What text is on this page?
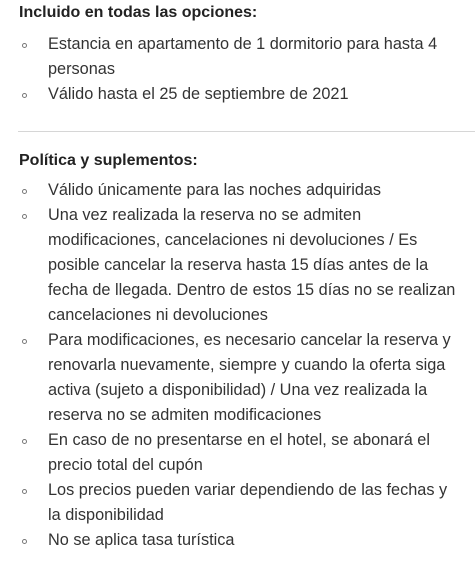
Incluido en todas las opciones:
Estancia en apartamento de 1 dormitorio para hasta 4 personas
Válido hasta el 25 de septiembre de 2021
Política y suplementos:
Válido únicamente para las noches adquiridas
Una vez realizada la reserva no se admiten modificaciones, cancelaciones ni devoluciones / Es posible cancelar la reserva hasta 15 días antes de la fecha de llegada. Dentro de estos 15 días no se realizan cancelaciones ni devoluciones
Para modificaciones, es necesario cancelar la reserva y renovarla nuevamente, siempre y cuando la oferta siga activa (sujeto a disponibilidad) / Una vez realizada la reserva no se admiten modificaciones
En caso de no presentarse en el hotel, se abonará el precio total del cupón
Los precios pueden variar dependiendo de las fechas y la disponibilidad
No se aplica tasa turística
